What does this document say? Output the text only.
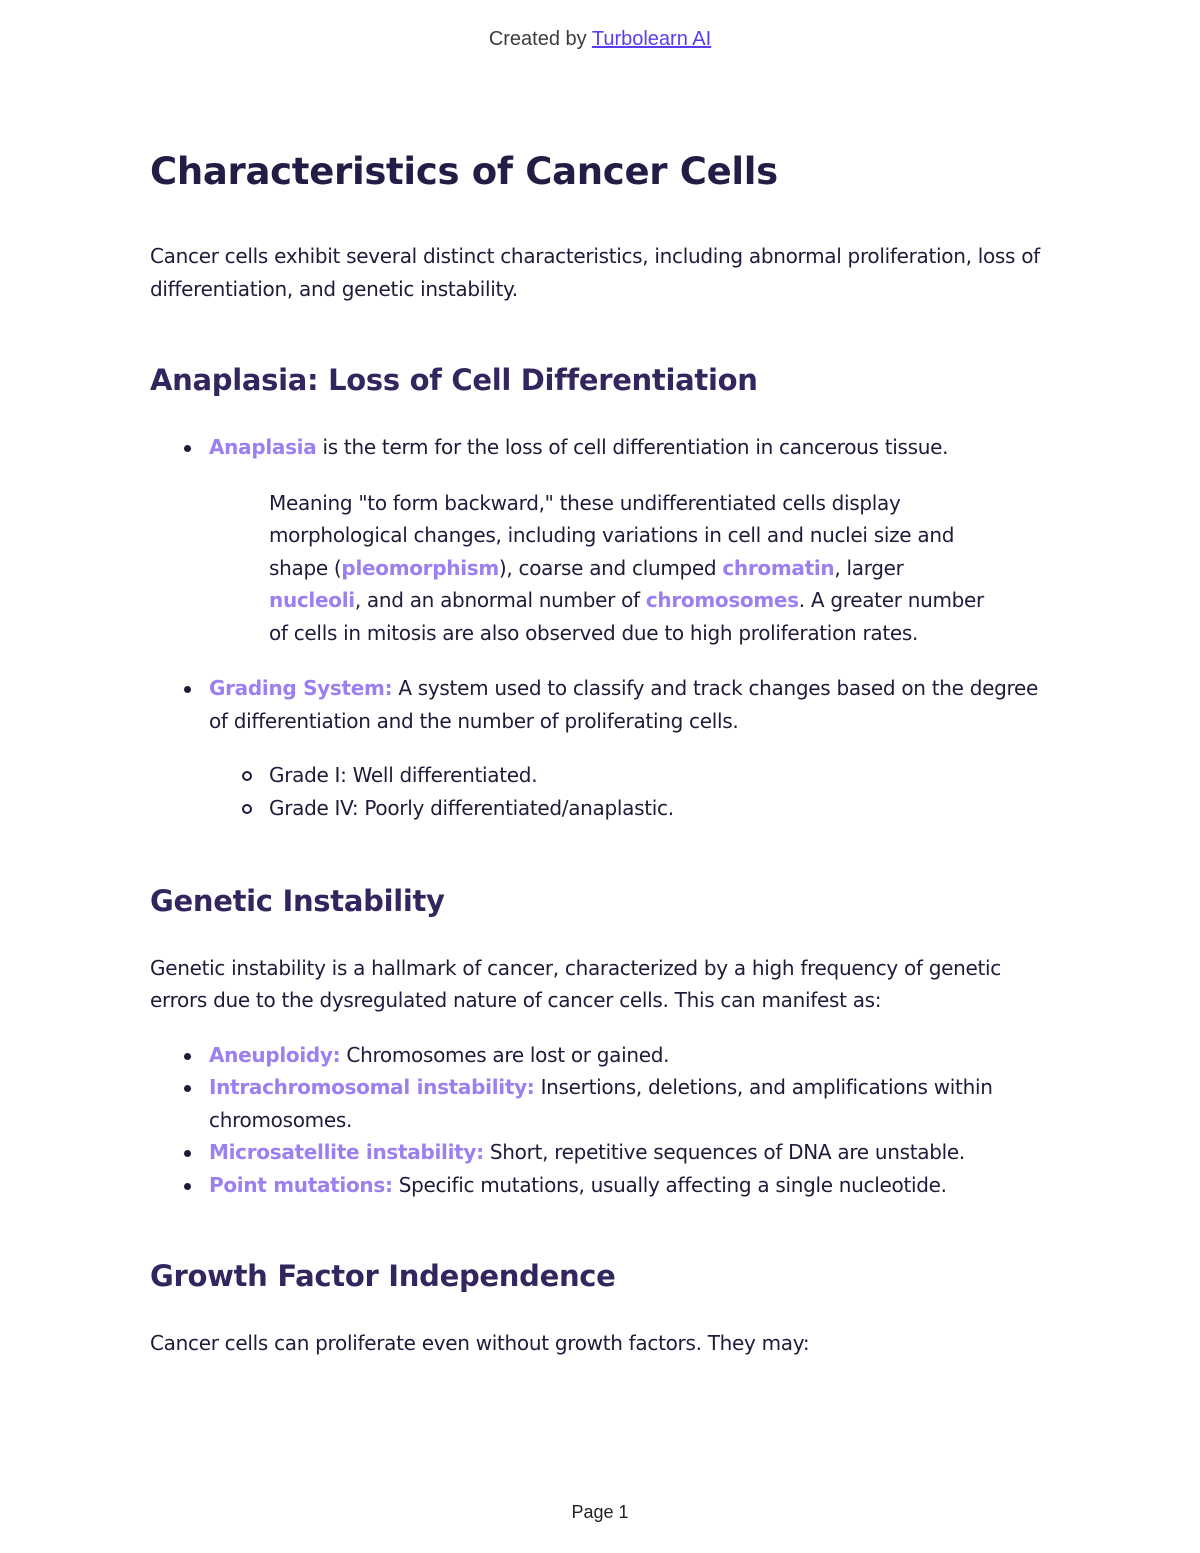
Created by Turbolearn AI
Characteristics of Cancer Cells

Cancer cells exhibit several distinct characteristics, including abnormal proliferation, loss of differentiation, and genetic instability.

Anaplasia: Loss of Cell Differentiation
Anaplasia is the term for the loss of cell differentiation in cancerous tissue.

Meaning "to form backward," these undifferentiated cells display morphological changes, including variations in cell and nuclei size and shape (pleomorphism), coarse and clumped chromatin, larger nucleoli, and an abnormal number of chromosomes. A greater number of cells in mitosis are also observed due to high proliferation rates.

Grading System: A system used to classify and track changes based on the degree of differentiation and the number of proliferating cells.
Grade I: Well differentiated.
Grade IV: Poorly differentiated/anaplastic.
Genetic Instability

Genetic instability is a hallmark of cancer, characterized by a high frequency of genetic errors due to the dysregulated nature of cancer cells. This can manifest as:

Aneuploidy: Chromosomes are lost or gained.
Intrachromosomal instability: Insertions, deletions, and amplifications within chromosomes.
Microsatellite instability: Short, repetitive sequences of DNA are unstable.
Point mutations: Specific mutations, usually affecting a single nucleotide.
Growth Factor Independence

Cancer cells can proliferate even without growth factors. They may:

Page 1
